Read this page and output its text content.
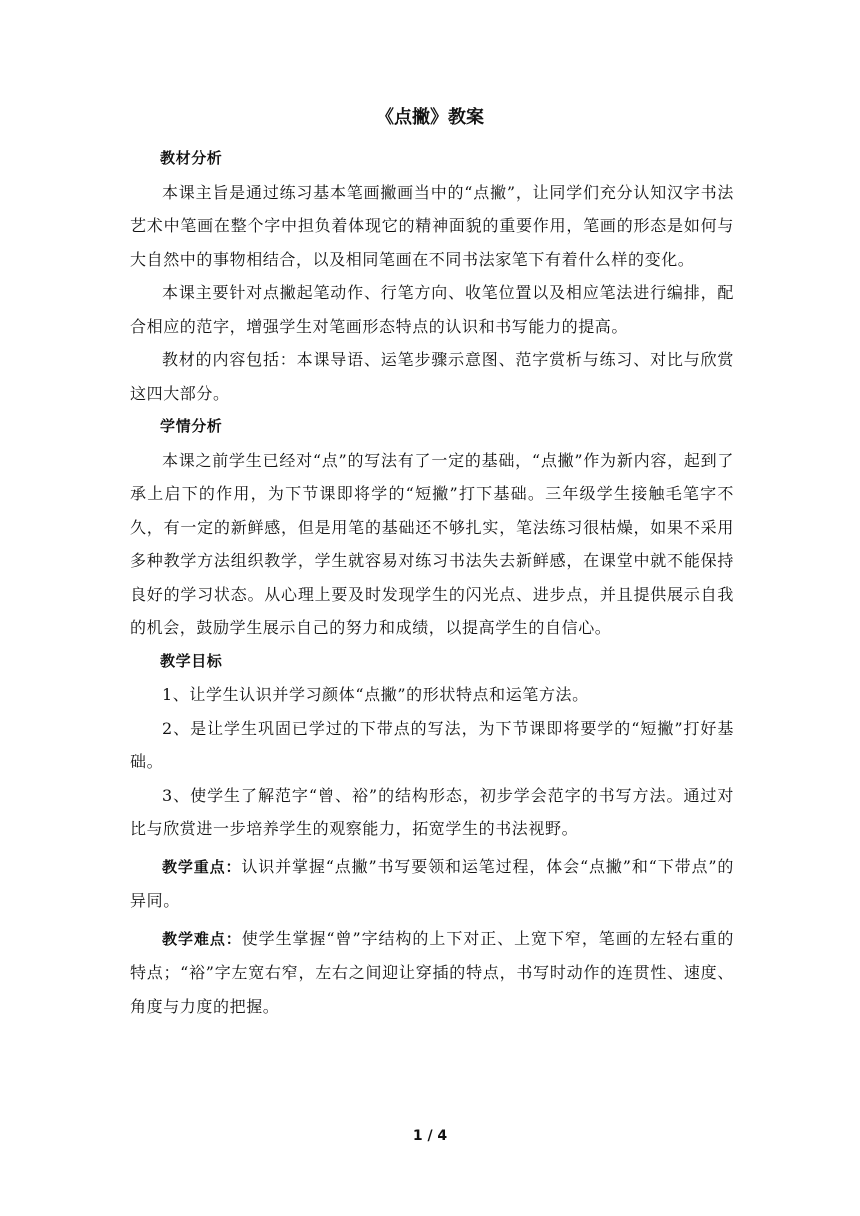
《点撇》教案

教材分析

本课主旨是通过练习基本笔画撇画当中的“点撇”，让同学们充分认知汉字书法艺术中笔画在整个字中担负着体现它的精神面貌的重要作用，笔画的形态是如何与大自然中的事物相结合，以及相同笔画在不同书法家笔下有着什么样的变化。

本课主要针对点撇起笔动作、行笔方向、收笔位置以及相应笔法进行编排，配合相应的范字，增强学生对笔画形态特点的认识和书写能力的提高。

教材的内容包括：本课导语、运笔步骤示意图、范字赏析与练习、对比与欣赏这四大部分。

学情分析

本课之前学生已经对“点”的写法有了一定的基础，“点撇”作为新内容，起到了承上启下的作用，为下节课即将学的“短撇”打下基础。三年级学生接触毛笔字不久，有一定的新鲜感，但是用笔的基础还不够扎实，笔法练习很枯燥，如果不采用多种教学方法组织教学，学生就容易对练习书法失去新鲜感，在课堂中就不能保持良好的学习状态。从心理上要及时发现学生的闪光点、进步点，并且提供展示自我的机会，鼓励学生展示自己的努力和成绩，以提高学生的自信心。

教学目标

1、让学生认识并学习颜体“点撇”的形状特点和运笔方法。

2、是让学生巩固已学过的下带点的写法，为下节课即将要学的“短撇”打好基础。

3、使学生了解范字“曾、裕”的结构形态，初步学会范字的书写方法。通过对比与欣赏进一步培养学生的观察能力，拓宽学生的书法视野。

教学重点：认识并掌握“点撇”书写要领和运笔过程，体会“点撇”和“下带点”的异同。

教学难点：使学生掌握“曾”字结构的上下对正、上宽下窄，笔画的左轻右重的特点；“裕”字左宽右窄，左右之间迎让穿插的特点，书写时动作的连贯性、速度、角度与力度的把握。

1 / 4
